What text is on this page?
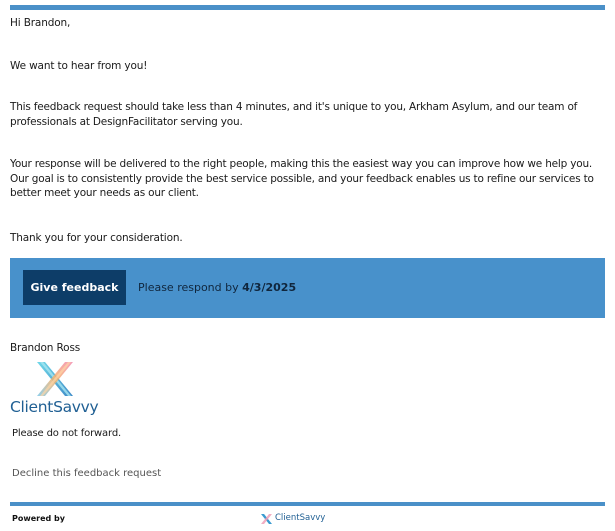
Hi Brandon,
We want to hear from you!
This feedback request should take less than 4 minutes, and it's unique to you, Arkham Asylum, and our team of professionals at DesignFacilitator serving you.
Your response will be delivered to the right people, making this the easiest way you can improve how we help you. Our goal is to consistently provide the best service possible, and your feedback enables us to refine our services to better meet your needs as our client.
Thank you for your consideration.
Give feedback	Please respond by 4/3/2025
Brandon Ross
ClientSavvy
Please do not forward.
Decline this feedback request
Powered by	ClientSavvy
